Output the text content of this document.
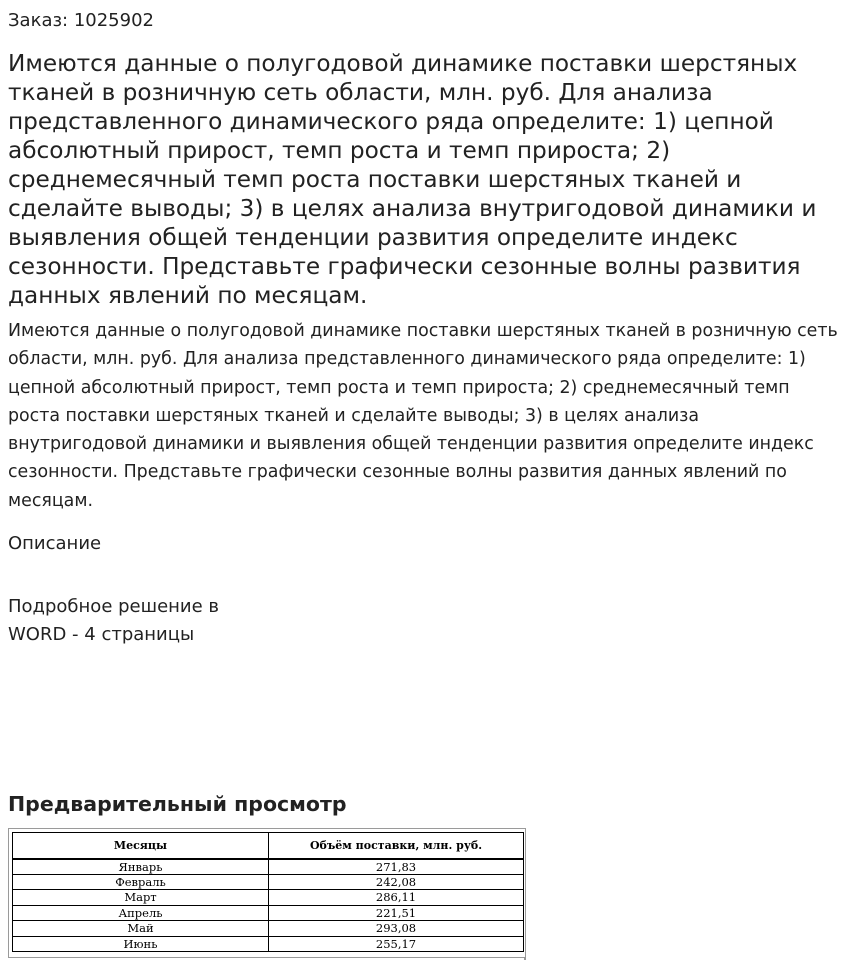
Заказ: 1025902
Имеются данные о полугодовой динамике поставки шерстяных тканей в розничную сеть области, млн. руб. Для анализа представленного динамического ряда определите: 1) цепной абсолютный прирост, темп роста и темп прироста; 2) среднемесячный темп роста поставки шерстяных тканей и сделайте выводы; 3) в целях анализа внутригодовой динамики и выявления общей тенденции развития определите индекс сезонности. Представьте графически сезонные волны развития данных явлений по месяцам.

Имеются данные о полугодовой динамике поставки шерстяных тканей в розничную сеть области, млн. руб. Для анализа представленного динамического ряда определите: 1) цепной абсолютный прирост, темп роста и темп прироста; 2) среднемесячный темп роста поставки шерстяных тканей и сделайте выводы; 3) в целях анализа внутригодовой динамики и выявления общей тенденции развития определите индекс сезонности. Представьте графически сезонные волны развития данных явлений по месяцам.

Описание

Подробное решение в WORD - 4 страницы

Предварительный просмотр
Месяцы	Объём поставки, млн. руб.
Январь	271,83
Февраль	242,08
Март	286,11
Апрель	221,51
Май	293,08
Июнь	255,17
